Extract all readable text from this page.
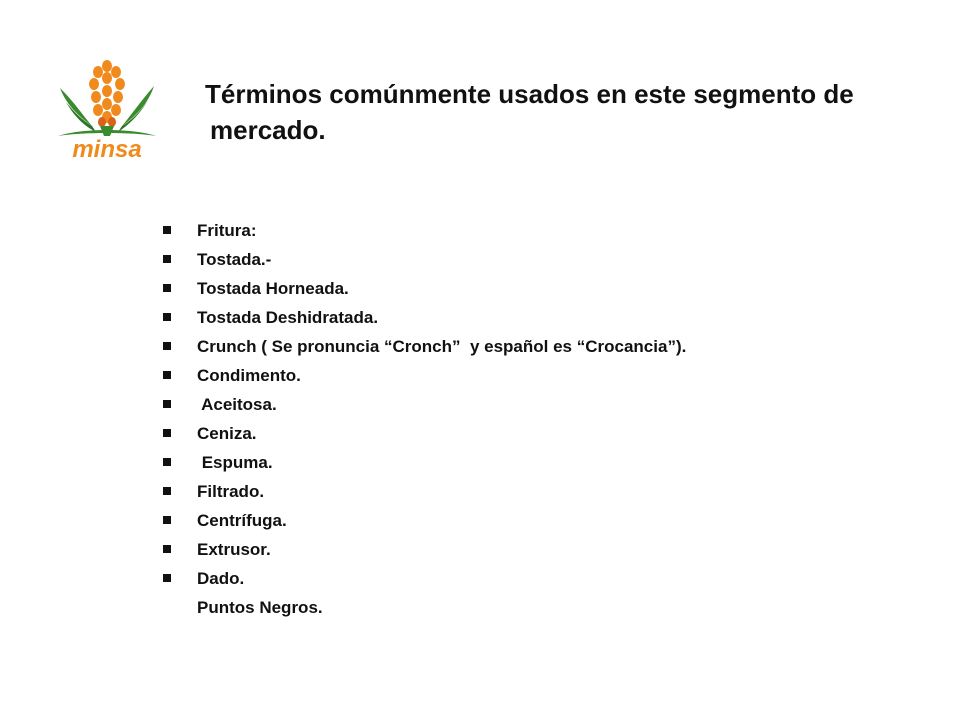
minsa
Términos comúnmente usados en este segmento de
mercado.
Fritura:
Tostada.-
Tostada Horneada.
Tostada Deshidratada.
Crunch ( Se pronuncia “Cronch”  y español es “Crocancia”).
Condimento.
Aceitosa.
Ceniza.
Espuma.
Filtrado.
Centrífuga.
Extrusor.
Dado.
Puntos Negros.
